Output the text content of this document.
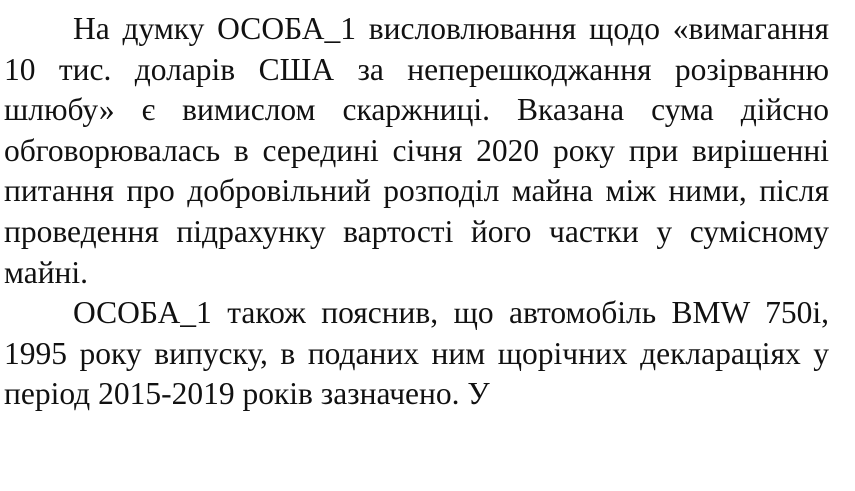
На думку ОСОБА_1 висловлювання щодо «вимагання 10 тис. доларів США за неперешкоджання розірванню шлюбу» є вимислом скаржниці. Вказана сума дійсно обговорювалась в середині січня 2020 року при вирішенні питання про добровільний розподіл майна між ними, після проведення підрахунку вартості його частки у сумісному майні.

ОСОБА_1 також пояснив, що автомобіль BMW 750і, 1995 року випуску, в поданих ним щорічних деклараціях у період 2015-2019 років зазначено. У
